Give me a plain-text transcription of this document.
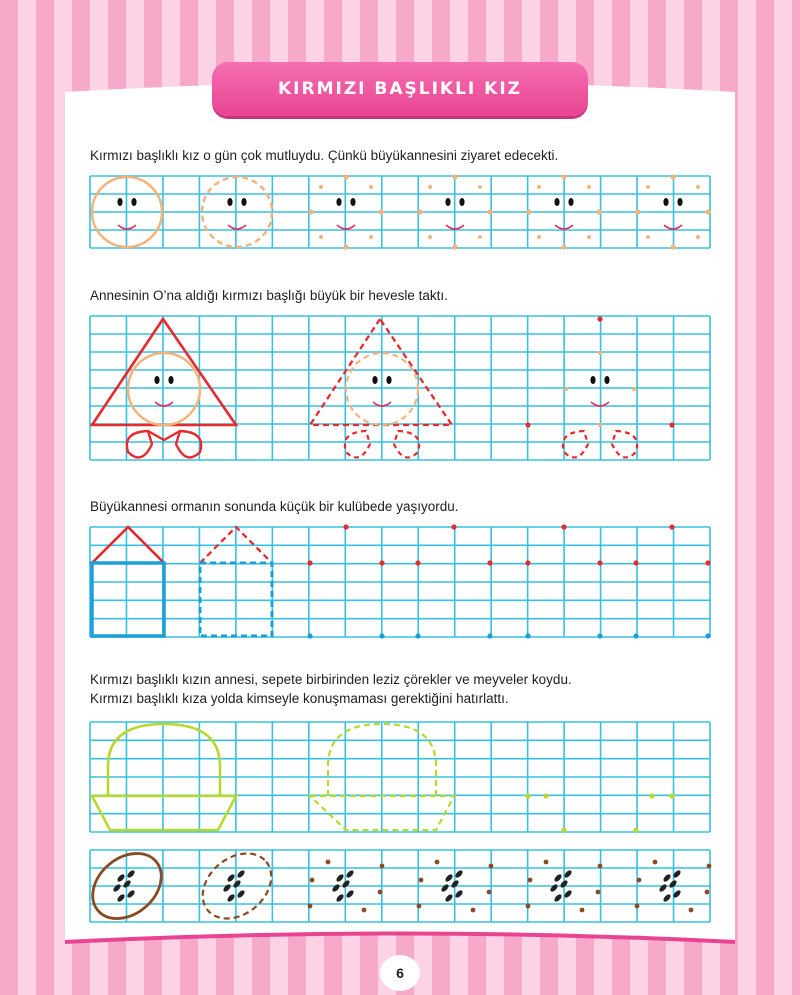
KIRMIZI BAŞLIKLI KIZ
Kırmızı başlıklı kız o gün çok mutluydu. Çünkü büyükannesini ziyaret edecekti.
Annesinin O’na aldığı kırmızı başlığı büyük bir hevesle taktı.
Büyükannesi ormanın sonunda küçük bir kulübede yaşıyordu.
Kırmızı başlıklı kızın annesi, sepete birbirinden leziz çörekler ve meyveler koydu.
Kırmızı başlıklı kıza yolda kimseyle konuşmaması gerektiğini hatırlattı.
6
